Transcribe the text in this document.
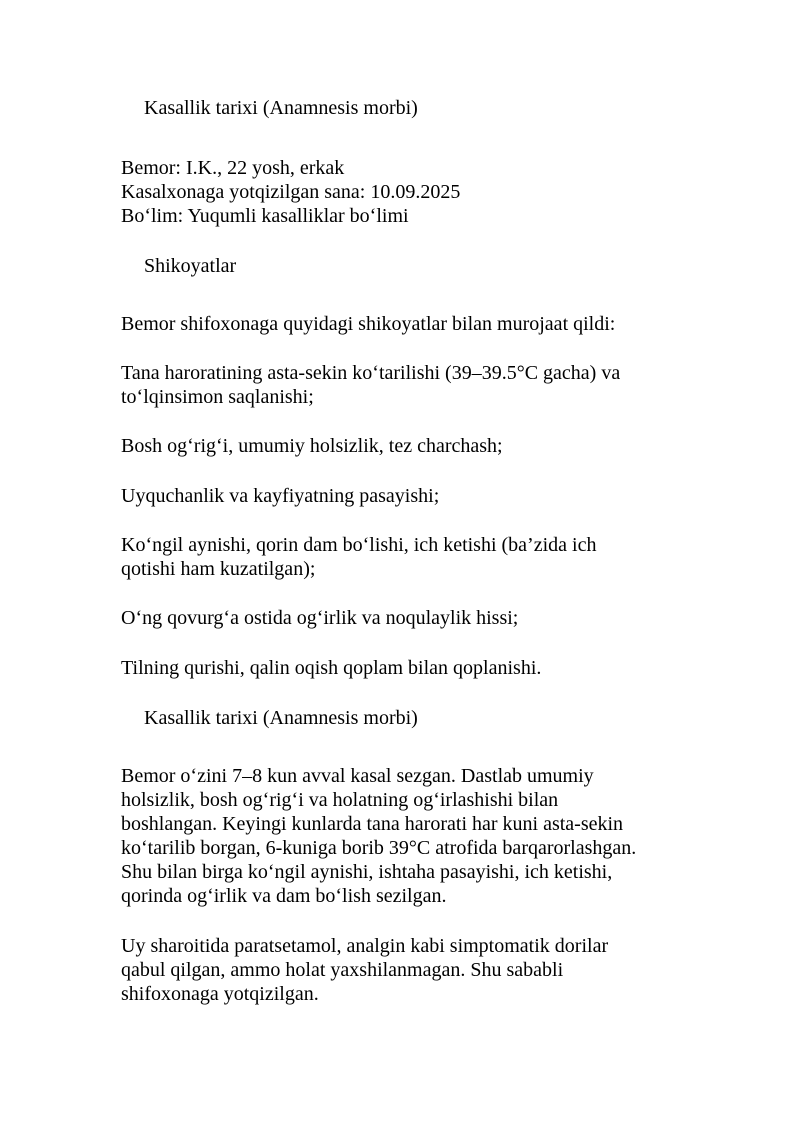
Kasallik tarixi (Anamnesis morbi)

Bemor: I.K., 22 yosh, erkak
Kasalxonaga yotqizilgan sana: 10.09.2025
Bo‘lim: Yuqumli kasalliklar bo‘limi

Shikoyatlar

Bemor shifoxonaga quyidagi shikoyatlar bilan murojaat qildi:

Tana haroratining asta-sekin ko‘tarilishi (39–39.5°C gacha) va
to‘lqinsimon saqlanishi;

Bosh og‘rig‘i, umumiy holsizlik, tez charchash;

Uyquchanlik va kayfiyatning pasayishi;

Ko‘ngil aynishi, qorin dam bo‘lishi, ich ketishi (ba’zida ich
qotishi ham kuzatilgan);

O‘ng qovurg‘a ostida og‘irlik va noqulaylik hissi;

Tilning qurishi, qalin oqish qoplam bilan qoplanishi.

Kasallik tarixi (Anamnesis morbi)

Bemor o‘zini 7–8 kun avval kasal sezgan. Dastlab umumiy
holsizlik, bosh og‘rig‘i va holatning og‘irlashishi bilan
boshlangan. Keyingi kunlarda tana harorati har kuni asta-sekin
ko‘tarilib borgan, 6-kuniga borib 39°C atrofida barqarorlashgan.
Shu bilan birga ko‘ngil aynishi, ishtaha pasayishi, ich ketishi,
qorinda og‘irlik va dam bo‘lish sezilgan.

Uy sharoitida paratsetamol, analgin kabi simptomatik dorilar
qabul qilgan, ammo holat yaxshilanmagan. Shu sababli
shifoxonaga yotqizilgan.
